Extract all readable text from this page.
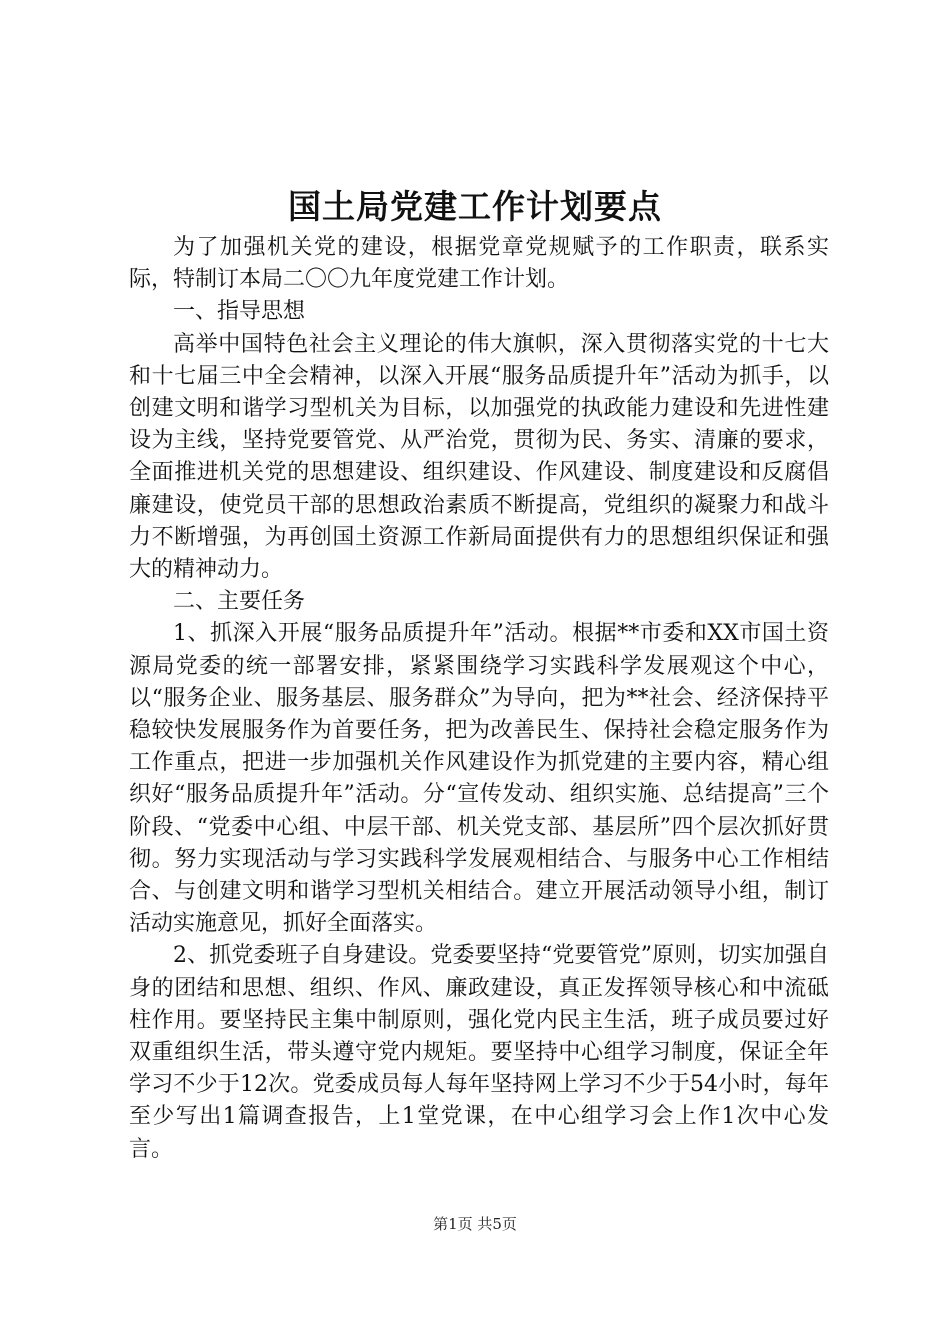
国土局党建工作计划要点

为了加强机关党的建设，根据党章党规赋予的工作职责，联系实际，特制订本局二〇〇九年度党建工作计划。

一、指导思想

高举中国特色社会主义理论的伟大旗帜，深入贯彻落实党的十七大和十七届三中全会精神，以深入开展“服务品质提升年”活动为抓手，以创建文明和谐学习型机关为目标，以加强党的执政能力建设和先进性建设为主线，坚持党要管党、从严治党，贯彻为民、务实、清廉的要求，全面推进机关党的思想建设、组织建设、作风建设、制度建设和反腐倡廉建设，使党员干部的思想政治素质不断提高，党组织的凝聚力和战斗力不断增强，为再创国土资源工作新局面提供有力的思想组织保证和强大的精神动力。

二、主要任务

1、抓深入开展“服务品质提升年”活动。根据**市委和XX市国土资源局党委的统一部署安排，紧紧围绕学习实践科学发展观这个中心，以“服务企业、服务基层、服务群众”为导向，把为**社会、经济保持平稳较快发展服务作为首要任务，把为改善民生、保持社会稳定服务作为工作重点，把进一步加强机关作风建设作为抓党建的主要内容，精心组织好“服务品质提升年”活动。分“宣传发动、组织实施、总结提高”三个阶段、“党委中心组、中层干部、机关党支部、基层所”四个层次抓好贯彻。努力实现活动与学习实践科学发展观相结合、与服务中心工作相结合、与创建文明和谐学习型机关相结合。建立开展活动领导小组，制订活动实施意见，抓好全面落实。

2、抓党委班子自身建设。党委要坚持“党要管党”原则，切实加强自身的团结和思想、组织、作风、廉政建设，真正发挥领导核心和中流砥柱作用。要坚持民主集中制原则，强化党内民主生活，班子成员要过好双重组织生活，带头遵守党内规矩。要坚持中心组学习制度，保证全年学习不少于12次。党委成员每人每年坚持网上学习不少于54小时，每年至少写出1篇调查报告，上1堂党课，在中心组学习会上作1次中心发言。

第1页 共5页
